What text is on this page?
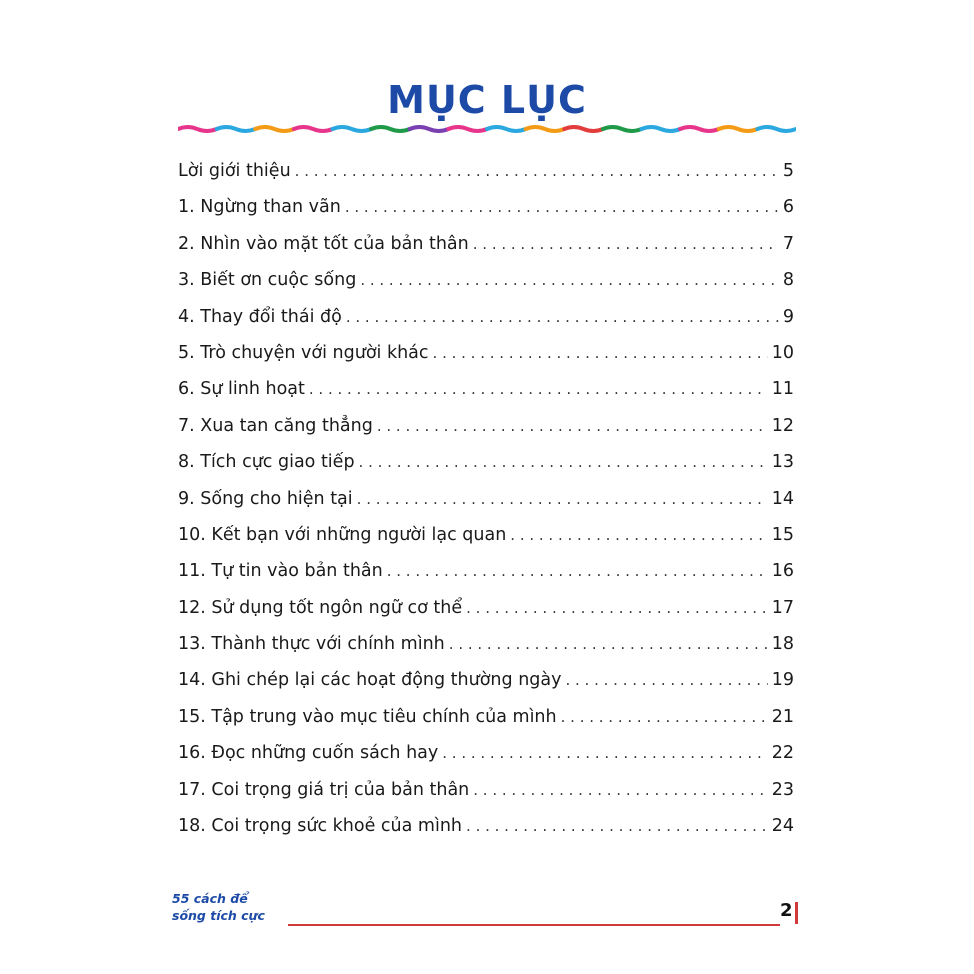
MỤC LỤC
Lời giới thiệu . . .	5
1. Ngừng than vãn . . .	6
2. Nhìn vào mặt tốt của bản thân . . .	7
3. Biết ơn cuộc sống . . .	8
4. Thay đổi thái độ . . .	9
5. Trò chuyện với người khác . . .	10
6. Sự linh hoạt . . .	11
7. Xua tan căng thẳng . . .	12
8. Tích cực giao tiếp . . .	13
9. Sống cho hiện tại . . .	14
10. Kết bạn với những người lạc quan . . .	15
11. Tự tin vào bản thân . . .	16
12. Sử dụng tốt ngôn ngữ cơ thể . . .	17
13. Thành thực với chính mình . . .	18
14. Ghi chép lại các hoạt động thường ngày . . .	19
15. Tập trung vào mục tiêu chính của mình . . .	21
16. Đọc những cuốn sách hay . . .	22
17. Coi trọng giá trị của bản thân . . .	23
18. Coi trọng sức khoẻ của mình . . .	24
55 cách để
sống tích cực	2
